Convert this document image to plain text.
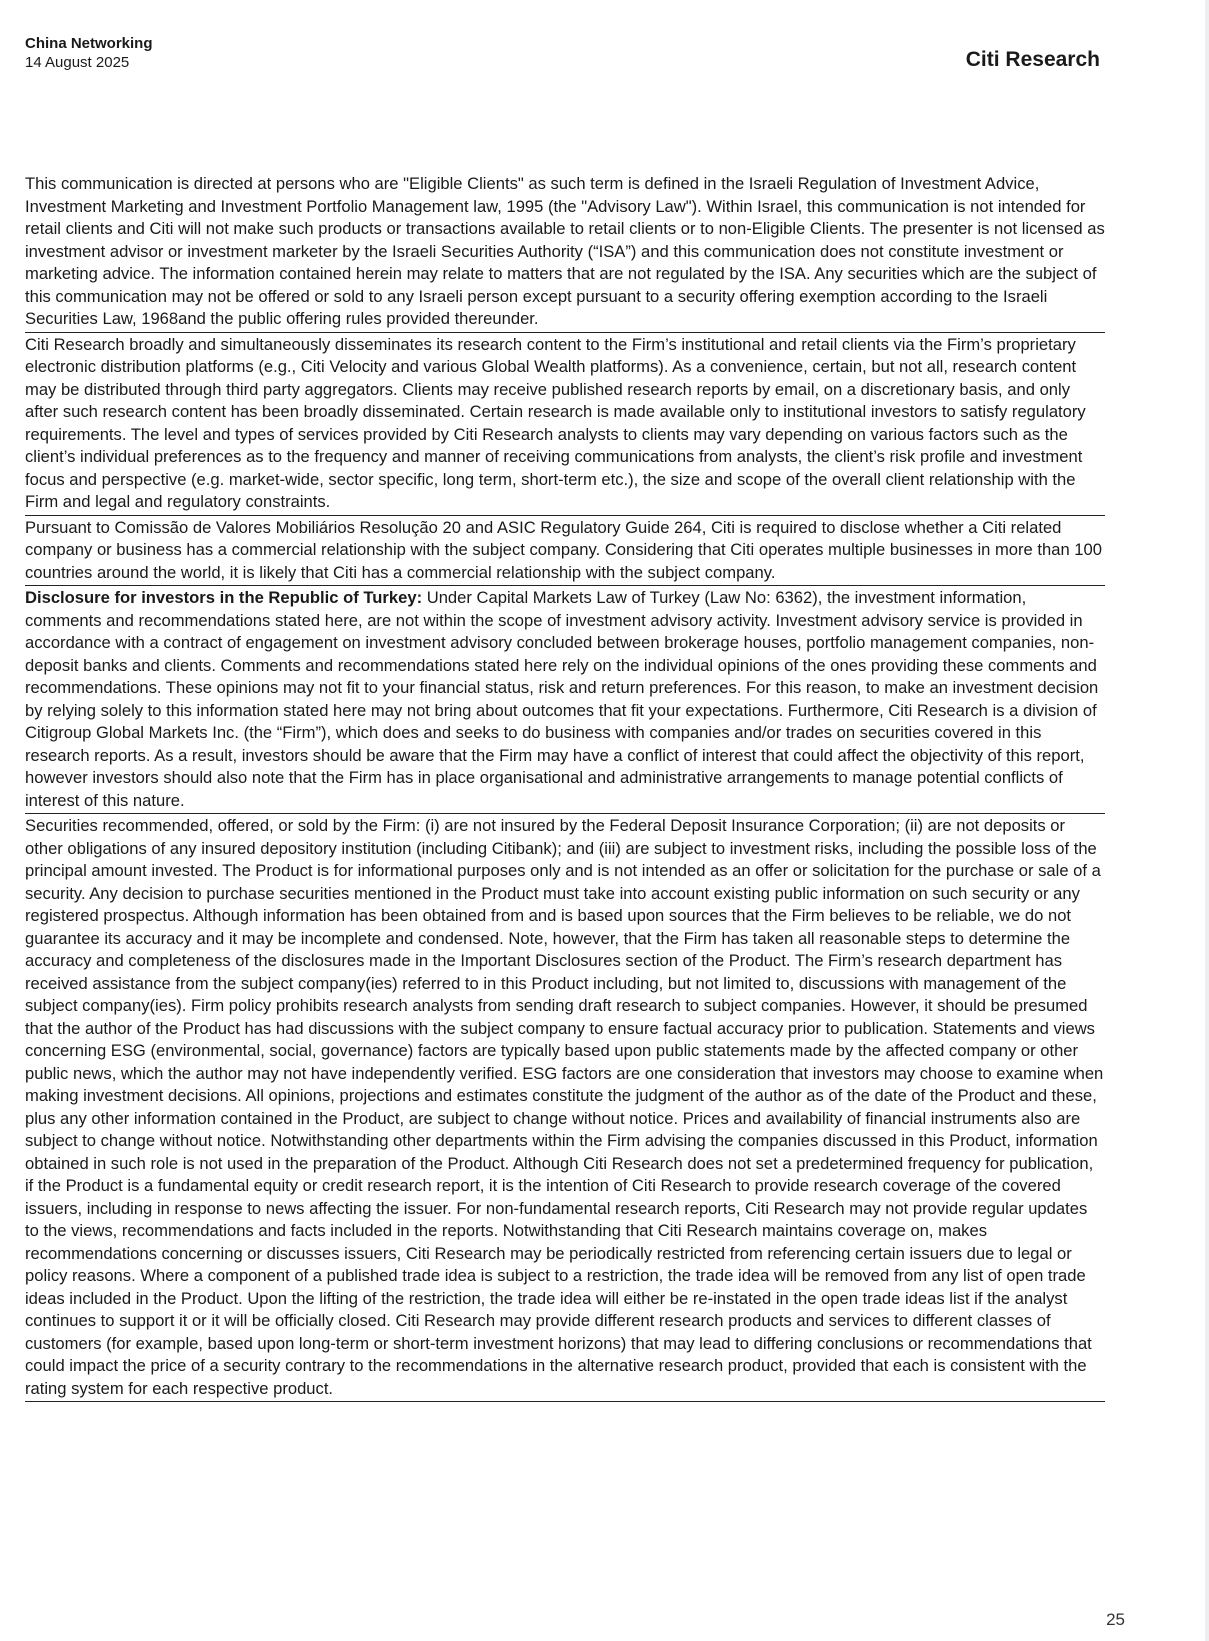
China Networking
14 August 2025	Citi Research
This communication is directed at persons who are "Eligible Clients" as such term is defined in the Israeli Regulation of Investment Advice, Investment Marketing and Investment Portfolio Management law, 1995 (the "Advisory Law"). Within Israel, this communication is not intended for retail clients and Citi will not make such products or transactions available to retail clients or to non-Eligible Clients. The presenter is not licensed as investment advisor or investment marketer by the Israeli Securities Authority (“ISA”) and this communication does not constitute investment or marketing advice. The information contained herein may relate to matters that are not regulated by the ISA. Any securities which are the subject of this communication may not be offered or sold to any Israeli person except pursuant to a security offering exemption according to the Israeli Securities Law, 1968and the public offering rules provided thereunder.
Citi Research broadly and simultaneously disseminates its research content to the Firm’s institutional and retail clients via the Firm’s proprietary electronic distribution platforms (e.g., Citi Velocity and various Global Wealth platforms). As a convenience, certain, but not all, research content may be distributed through third party aggregators. Clients may receive published research reports by email, on a discretionary basis, and only after such research content has been broadly disseminated. Certain research is made available only to institutional investors to satisfy regulatory requirements. The level and types of services provided by Citi Research analysts to clients may vary depending on various factors such as the client’s individual preferences as to the frequency and manner of receiving communications from analysts, the client’s risk profile and investment focus and perspective (e.g. market-wide, sector specific, long term, short-term etc.), the size and scope of the overall client relationship with the Firm and legal and regulatory constraints.
Pursuant to Comissão de Valores Mobiliários Resolução 20 and ASIC Regulatory Guide 264, Citi is required to disclose whether a Citi related company or business has a commercial relationship with the subject company. Considering that Citi operates multiple businesses in more than 100 countries around the world, it is likely that Citi has a commercial relationship with the subject company.
Disclosure for investors in the Republic of Turkey: Under Capital Markets Law of Turkey (Law No: 6362), the investment information, comments and recommendations stated here, are not within the scope of investment advisory activity. Investment advisory service is provided in accordance with a contract of engagement on investment advisory concluded between brokerage houses, portfolio management companies, non-deposit banks and clients. Comments and recommendations stated here rely on the individual opinions of the ones providing these comments and recommendations. These opinions may not fit to your financial status, risk and return preferences. For this reason, to make an investment decision by relying solely to this information stated here may not bring about outcomes that fit your expectations. Furthermore, Citi Research is a division of Citigroup Global Markets Inc. (the “Firm”), which does and seeks to do business with companies and/or trades on securities covered in this research reports. As a result, investors should be aware that the Firm may have a conflict of interest that could affect the objectivity of this report, however investors should also note that the Firm has in place organisational and administrative arrangements to manage potential conflicts of interest of this nature.
Securities recommended, offered, or sold by the Firm: (i) are not insured by the Federal Deposit Insurance Corporation; (ii) are not deposits or other obligations of any insured depository institution (including Citibank); and (iii) are subject to investment risks, including the possible loss of the principal amount invested. The Product is for informational purposes only and is not intended as an offer or solicitation for the purchase or sale of a security. Any decision to purchase securities mentioned in the Product must take into account existing public information on such security or any registered prospectus. Although information has been obtained from and is based upon sources that the Firm believes to be reliable, we do not guarantee its accuracy and it may be incomplete and condensed. Note, however, that the Firm has taken all reasonable steps to determine the accuracy and completeness of the disclosures made in the Important Disclosures section of the Product. The Firm’s research department has received assistance from the subject company(ies) referred to in this Product including, but not limited to, discussions with management of the subject company(ies). Firm policy prohibits research analysts from sending draft research to subject companies. However, it should be presumed that the author of the Product has had discussions with the subject company to ensure factual accuracy prior to publication. Statements and views concerning ESG (environmental, social, governance) factors are typically based upon public statements made by the affected company or other public news, which the author may not have independently verified. ESG factors are one consideration that investors may choose to examine when making investment decisions. All opinions, projections and estimates constitute the judgment of the author as of the date of the Product and these, plus any other information contained in the Product, are subject to change without notice. Prices and availability of financial instruments also are subject to change without notice. Notwithstanding other departments within the Firm advising the companies discussed in this Product, information obtained in such role is not used in the preparation of the Product. Although Citi Research does not set a predetermined frequency for publication, if the Product is a fundamental equity or credit research report, it is the intention of Citi Research to provide research coverage of the covered issuers, including in response to news affecting the issuer. For non-fundamental research reports, Citi Research may not provide regular updates to the views, recommendations and facts included in the reports. Notwithstanding that Citi Research maintains coverage on, makes recommendations concerning or discusses issuers, Citi Research may be periodically restricted from referencing certain issuers due to legal or policy reasons. Where a component of a published trade idea is subject to a restriction, the trade idea will be removed from any list of open trade ideas included in the Product. Upon the lifting of the restriction, the trade idea will either be re-instated in the open trade ideas list if the analyst continues to support it or it will be officially closed. Citi Research may provide different research products and services to different classes of customers (for example, based upon long-term or short-term investment horizons) that may lead to differing conclusions or recommendations that could impact the price of a security contrary to the recommendations in the alternative research product, provided that each is consistent with the rating system for each respective product.
25
